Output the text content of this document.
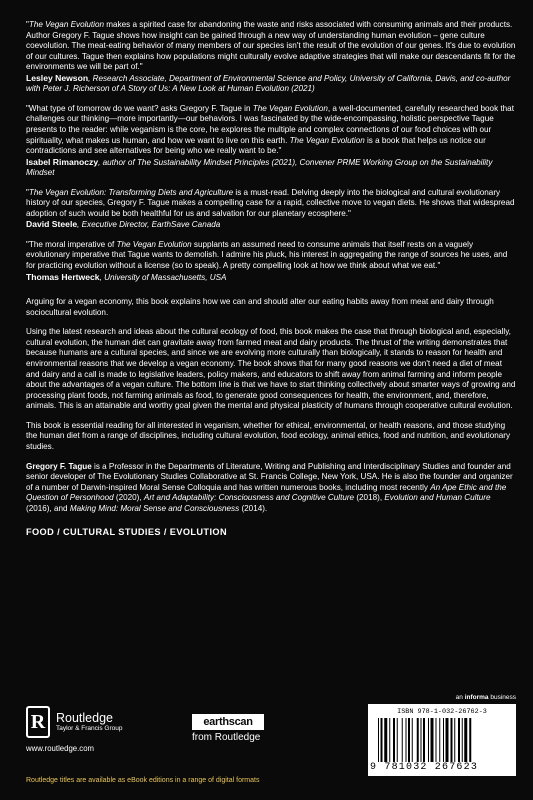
"The Vegan Evolution makes a spirited case for abandoning the waste and risks associated with consuming animals and their products. Author Gregory F. Tague shows how insight can be gained through a new way of understanding human evolution – gene culture coevolution. The meat-eating behavior of many members of our species isn't the result of the evolution of our genes. It's due to evolution of our cultures. Tague then explains how populations might culturally evolve adaptive strategies that will make our descendants fit for the environments we will be part of."

Lesley Newson, Research Associate, Department of Environmental Science and Policy, University of California, Davis, and co-author with Peter J. Richerson of A Story of Us: A New Look at Human Evolution (2021)

"What type of tomorrow do we want? asks Gregory F. Tague in The Vegan Evolution, a well-documented, carefully researched book that challenges our thinking—more importantly—our behaviors. I was fascinated by the wide-encompassing, holistic perspective Tague presents to the reader: while veganism is the core, he explores the multiple and complex connections of our food choices with our spirituality, what makes us human, and how we want to live on this earth. The Vegan Evolution is a book that helps us notice our contradictions and see alternatives for being who we really want to be."

Isabel Rimanoczy, author of The Sustainability Mindset Principles (2021), Convener PRME Working Group on the Sustainability Mindset

"The Vegan Evolution: Transforming Diets and Agriculture is a must-read. Delving deeply into the biological and cultural evolutionary history of our species, Gregory F. Tague makes a compelling case for a rapid, collective move to vegan diets. He shows that widespread adoption of such would be both healthful for us and salvation for our planetary ecosphere."

David Steele, Executive Director, EarthSave Canada

"The moral imperative of The Vegan Evolution supplants an assumed need to consume animals that itself rests on a vaguely evolutionary imperative that Tague wants to demolish. I admire his pluck, his interest in aggregating the range of sources he uses, and for practicing evolution without a license (so to speak). A pretty compelling look at how we think about what we eat."

Thomas Hertweck, University of Massachusetts, USA

Arguing for a vegan economy, this book explains how we can and should alter our eating habits away from meat and dairy through sociocultural evolution.

Using the latest research and ideas about the cultural ecology of food, this book makes the case that through biological and, especially, cultural evolution, the human diet can gravitate away from farmed meat and dairy products. The thrust of the writing demonstrates that because humans are a cultural species, and since we are evolving more culturally than biologically, it stands to reason for health and environmental reasons that we develop a vegan economy. The book shows that for many good reasons we don't need a diet of meat and dairy and a call is made to legislative leaders, policy makers, and educators to shift away from animal farming and inform people about the advantages of a vegan culture. The bottom line is that we have to start thinking collectively about smarter ways of growing and processing plant foods, not farming animals as food, to generate good consequences for health, the environment, and, therefore, animals. This is an attainable and worthy goal given the mental and physical plasticity of humans through cooperative cultural evolution.

This book is essential reading for all interested in veganism, whether for ethical, environmental, or health reasons, and those studying the human diet from a range of disciplines, including cultural evolution, food ecology, animal ethics, food and nutrition, and evolutionary studies.

Gregory F. Tague is a Professor in the Departments of Literature, Writing and Publishing and Interdisciplinary Studies and founder and senior developer of The Evolutionary Studies Collaborative at St. Francis College, New York, USA. He is also the founder and organizer of a number of Darwin-inspired Moral Sense Colloquia and has written numerous books, including most recently An Ape Ethic and the Question of Personhood (2020), Art and Adaptability: Consciousness and Cognitive Culture (2018), Evolution and Human Culture (2016), and Making Mind: Moral Sense and Consciousness (2014).

FOOD / CULTURAL STUDIES / EVOLUTION

R Routledge
Taylor & Francis Group
www.routledge.com
earthscan
from Routledge
an informa business
ISBN 978-1-032-26762-3
9 781032 267623
Routledge titles are available as eBook editions in a range of digital formats
